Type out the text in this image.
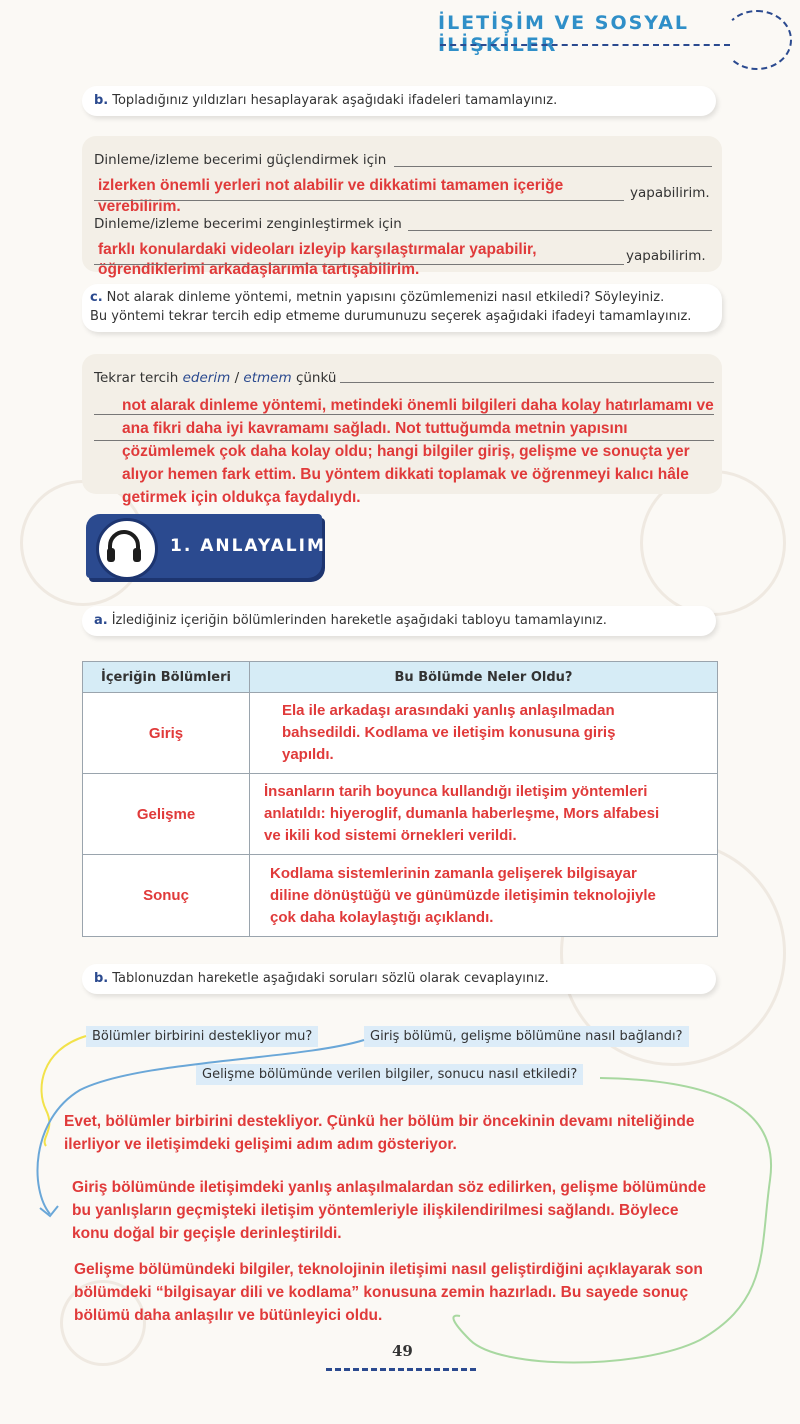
İLETİŞİM VE SOSYAL İLİŞKİLER
b. Topladığınız yıldızları hesaplayarak aşağıdaki ifadeleri tamamlayınız.
Dinleme/izleme becerimi güçlendirmek için
izlerken önemli yerleri not alabilir ve dikkatimi tamamen içeriğe
verebilirim.
yapabilirim.
Dinleme/izleme becerimi zenginleştirmek için
farklı konulardaki videoları izleyip karşılaştırmalar yapabilir,
öğrendiklerimi arkadaşlarımla tartışabilirim.
yapabilirim.
c. Not alarak dinleme yöntemi, metnin yapısını çözümlemenizi nasıl etkiledi? Söyleyiniz.
Bu yöntemi tekrar tercih edip etmeme durumunuzu seçerek aşağıdaki ifadeyi tamamlayınız.
Tekrar tercih ederim / etmem çünkü
not alarak dinleme yöntemi, metindeki önemli bilgileri daha kolay hatırlamamı ve
ana fikri daha iyi kavramamı sağladı. Not tuttuğumda metnin yapısını
çözümlemek çok daha kolay oldu; hangi bilgiler giriş, gelişme ve sonuçta yer
alıyor hemen fark ettim. Bu yöntem dikkati toplamak ve öğrenmeyi kalıcı hâle
getirmek için oldukça faydalıydı.
1. ANLAYALIM
a. İzlediğiniz içeriğin bölümlerinden hareketle aşağıdaki tabloyu tamamlayınız.
İçeriğin Bölümleri	Bu Bölümde Neler Oldu?
Giriş	Ela ile arkadaşı arasındaki yanlış anlaşılmadan
bahsedildi. Kodlama ve iletişim konusuna giriş
yapıldı.

Gelişme	İnsanların tarih boyunca kullandığı iletişim yöntemleri
anlatıldı: hiyeroglif, dumanla haberleşme, Mors alfabesi
ve ikili kod sistemi örnekleri verildi.

Sonuç	Kodlama sistemlerinin zamanla gelişerek bilgisayar
diline dönüştüğü ve günümüzde iletişimin teknolojiyle
çok daha kolaylaştığı açıklandı.
b. Tablonuzdan hareketle aşağıdaki soruları sözlü olarak cevaplayınız.
Bölümler birbirini destekliyor mu?	Giriş bölümü, gelişme bölümüne nasıl bağlandı?
Gelişme bölümünde verilen bilgiler, sonucu nasıl etkiledi?
Evet, bölümler birbirini destekliyor. Çünkü her bölüm bir öncekinin devamı niteliğinde
ilerliyor ve iletişimdeki gelişimi adım adım gösteriyor.
Giriş bölümünde iletişimdeki yanlış anlaşılmalardan söz edilirken, gelişme bölümünde
bu yanlışların geçmişteki iletişim yöntemleriyle ilişkilendirilmesi sağlandı. Böylece
konu doğal bir geçişle derinleştirildi.
Gelişme bölümündeki bilgiler, teknolojinin iletişimi nasıl geliştirdiğini açıklayarak son
bölümdeki “bilgisayar dili ve kodlama” konusuna zemin hazırladı. Bu sayede sonuç
bölümü daha anlaşılır ve bütünleyici oldu.
49
